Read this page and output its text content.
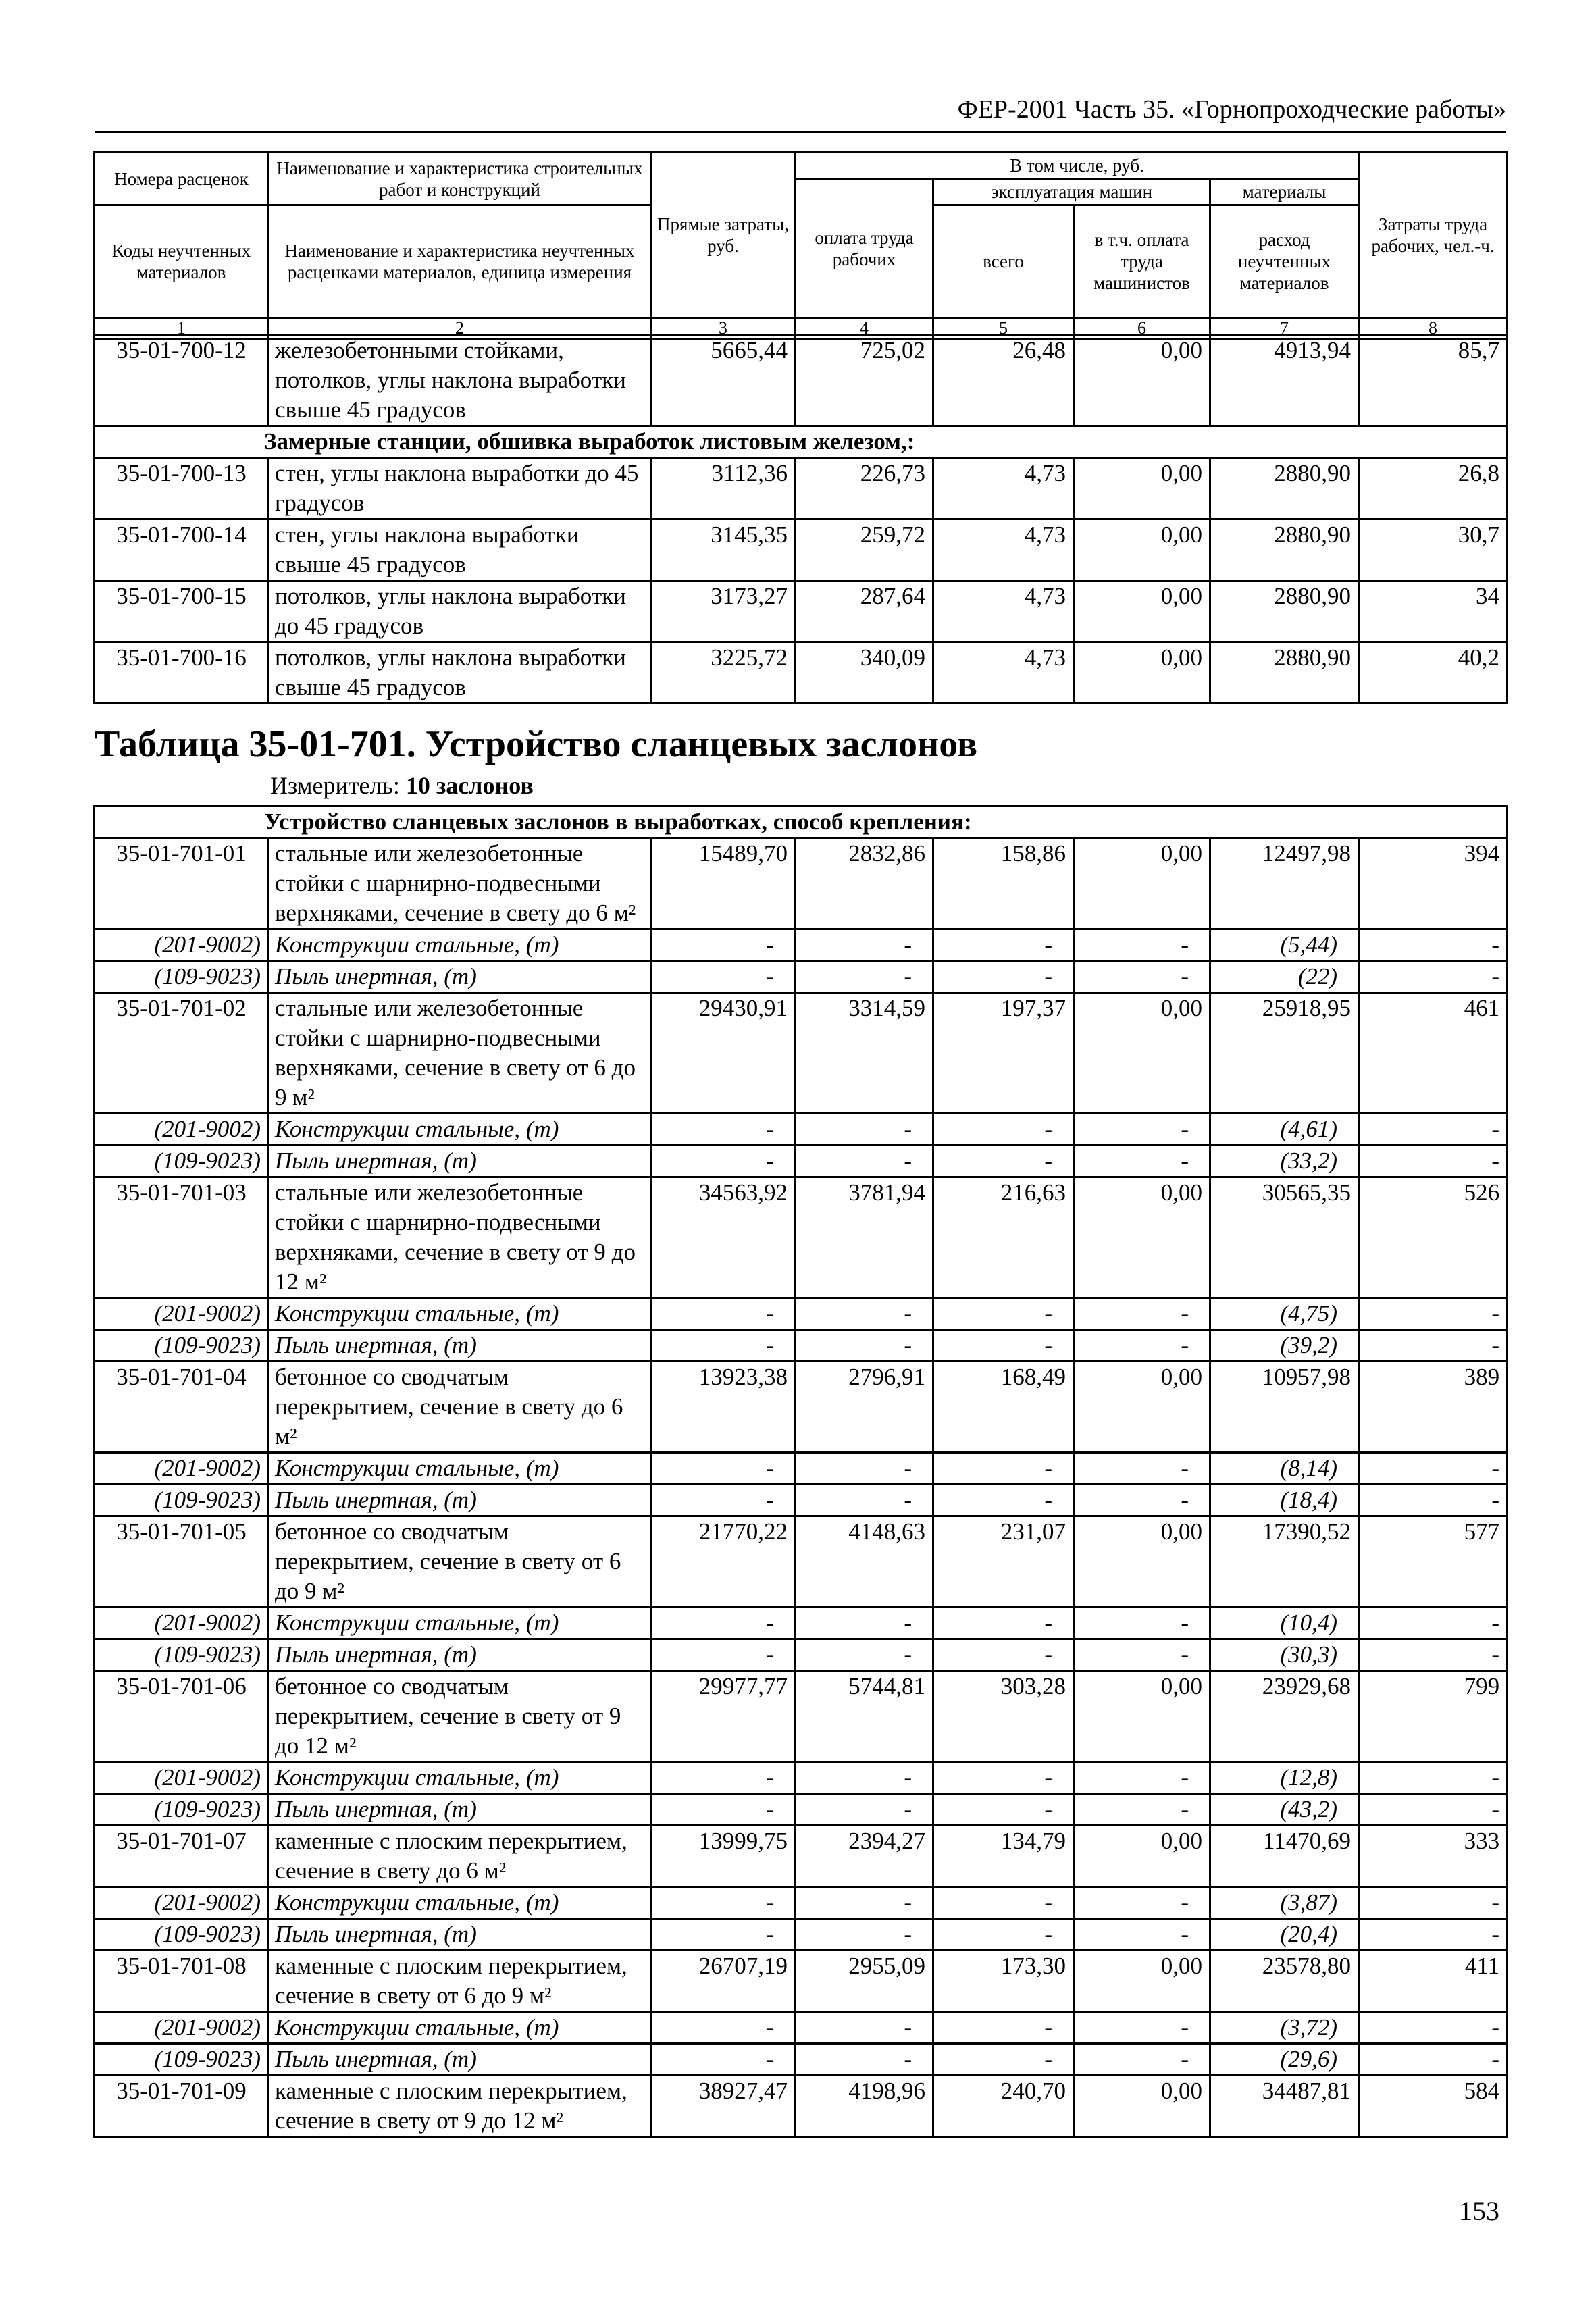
ФЕР-2001 Часть 35. «Горнопроходческие работы»
Номера расценок	Наименование и характеристика строительных работ и конструкций	Прямые затраты, руб.	В том числе, руб.				Затраты труда рабочих, чел.-ч.
			оплата труда рабочих	эксплуатация машин		материалы	
Коды неучтенных материалов	Наименование и характеристика неучтенных расценками материалов, единица измерения			всего	в т.ч. оплата труда машинистов	расход неучтенных материалов	

1	2	3	4	5	6	7	8
35-01-700-12	железобетонными стойками, потолков, углы наклона выработки свыше 45 градусов	5665,44	725,02	26,48	0,00	4913,94	85,7
Замерные станции, обшивка выработок листовым железом,:							
35-01-700-13	стен, углы наклона выработки до 45 градусов	3112,36	226,73	4,73	0,00	2880,90	26,8
35-01-700-14	стен, углы наклона выработки свыше 45 градусов	3145,35	259,72	4,73	0,00	2880,90	30,7
35-01-700-15	потолков, углы наклона выработки до 45 градусов	3173,27	287,64	4,73	0,00	2880,90	34
35-01-700-16	потолков, углы наклона выработки свыше 45 градусов	3225,72	340,09	4,73	0,00	2880,90	40,2
Таблица 35-01-701. Устройство сланцевых заслонов
Измеритель: 10 заслонов
Устройство сланцевых заслонов в выработках, способ крепления:							
35-01-701-01	стальные или железобетонные стойки с шарнирно-подвесными верхняками, сечение в свету до 6 м²	15489,70	2832,86	158,86	0,00	12497,98	394
(201-9002)	Конструкции стальные, (т)	-	-	-	-	(5,44)	-
(109-9023)	Пыль инертная, (т)	-	-	-	-	(22)	-
35-01-701-02	стальные или железобетонные стойки с шарнирно-подвесными верхняками, сечение в свету от 6 до 9 м²	29430,91	3314,59	197,37	0,00	25918,95	461
(201-9002)	Конструкции стальные, (т)	-	-	-	-	(4,61)	-
(109-9023)	Пыль инертная, (т)	-	-	-	-	(33,2)	-
35-01-701-03	стальные или железобетонные стойки с шарнирно-подвесными верхняками, сечение в свету от 9 до 12 м²	34563,92	3781,94	216,63	0,00	30565,35	526
(201-9002)	Конструкции стальные, (т)	-	-	-	-	(4,75)	-
(109-9023)	Пыль инертная, (т)	-	-	-	-	(39,2)	-
35-01-701-04	бетонное со сводчатым перекрытием, сечение в свету до 6 м²	13923,38	2796,91	168,49	0,00	10957,98	389
(201-9002)	Конструкции стальные, (т)	-	-	-	-	(8,14)	-
(109-9023)	Пыль инертная, (т)	-	-	-	-	(18,4)	-
35-01-701-05	бетонное со сводчатым перекрытием, сечение в свету от 6 до 9 м²	21770,22	4148,63	231,07	0,00	17390,52	577
(201-9002)	Конструкции стальные, (т)	-	-	-	-	(10,4)	-
(109-9023)	Пыль инертная, (т)	-	-	-	-	(30,3)	-
35-01-701-06	бетонное со сводчатым перекрытием, сечение в свету от 9 до 12 м²	29977,77	5744,81	303,28	0,00	23929,68	799
(201-9002)	Конструкции стальные, (т)	-	-	-	-	(12,8)	-
(109-9023)	Пыль инертная, (т)	-	-	-	-	(43,2)	-
35-01-701-07	каменные с плоским перекрытием, сечение в свету до 6 м²	13999,75	2394,27	134,79	0,00	11470,69	333
(201-9002)	Конструкции стальные, (т)	-	-	-	-	(3,87)	-
(109-9023)	Пыль инертная, (т)	-	-	-	-	(20,4)	-
35-01-701-08	каменные с плоским перекрытием, сечение в свету от 6 до 9 м²	26707,19	2955,09	173,30	0,00	23578,80	411
(201-9002)	Конструкции стальные, (т)	-	-	-	-	(3,72)	-
(109-9023)	Пыль инертная, (т)	-	-	-	-	(29,6)	-
35-01-701-09	каменные с плоским перекрытием, сечение в свету от 9 до 12 м²	38927,47	4198,96	240,70	0,00	34487,81	584
153
